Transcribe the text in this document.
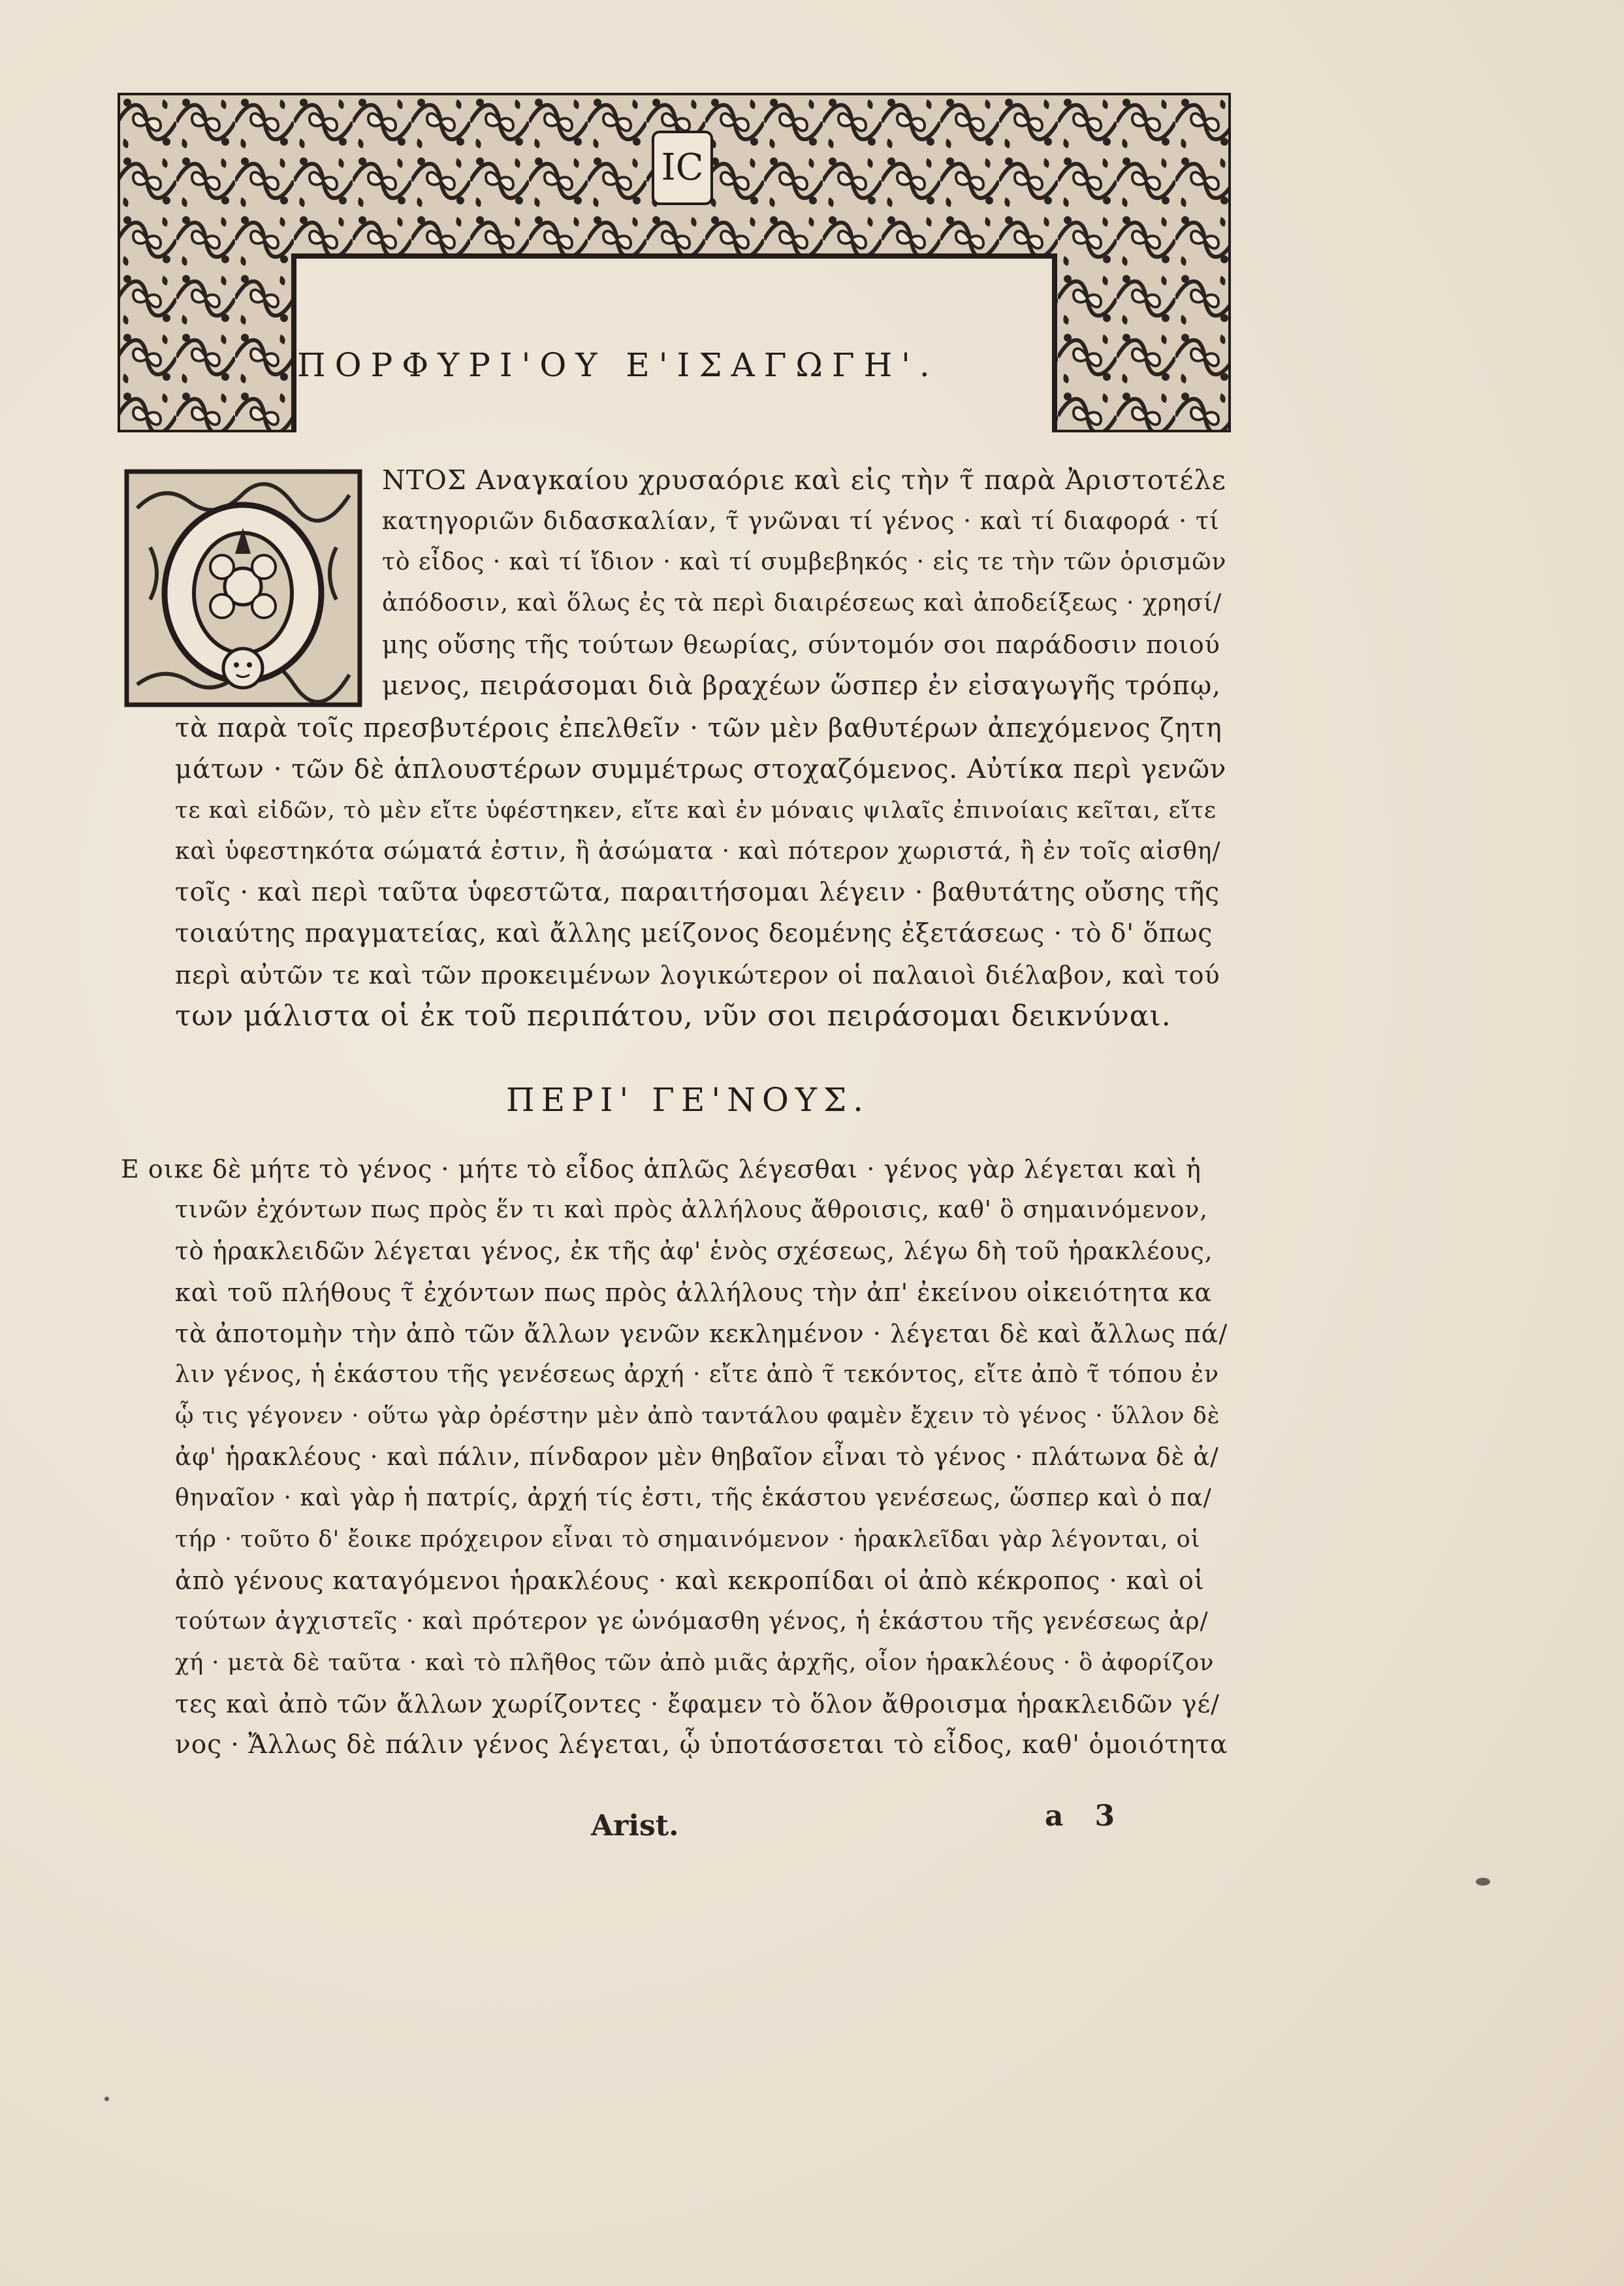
IC
ΠΟΡΦΥΡΙ'ΟΥ Ε'ΙΣΑΓΩΓΗ'.
ΝΤΟΣ Αναγκαίου χρυσαόριε καὶ εἰς τὴν τ̃ παρὰ Ἀριστοτέλε
κατηγοριῶν διδασκαλίαν, τ̃ γνῶναι τί γένος · καὶ τί διαφορά · τί
τὸ εἶδος · καὶ τί ἴδιον · καὶ τί συμβεβηκός · εἰς τε τὴν τῶν ὁρισμῶν
ἀπόδοσιν, καὶ ὅλως ἐς τὰ περὶ διαιρέσεως καὶ ἀποδείξεως · χρησί/
μης οὔσης τῆς τούτων θεωρίας, σύντομόν σοι παράδοσιν ποιού
μενος, πειράσομαι διὰ βραχέων ὥσπερ ἐν εἰσαγωγῆς τρόπῳ,
τὰ παρὰ τοῖς πρεσβυτέροις ἐπελθεῖν · τῶν μὲν βαθυτέρων ἀπεχόμενος ζητη
μάτων · τῶν δὲ ἁπλουστέρων συμμέτρως στοχαζόμενος. Αὐτίκα περὶ γενῶν
τε καὶ εἰδῶν, τὸ μὲν εἴτε ὑφέστηκεν, εἴτε καὶ ἐν μόναις ψιλαῖς ἐπινοίαις κεῖται, εἴτε
καὶ ὑφεστηκότα σώματά ἐστιν, ἢ ἀσώματα · καὶ πότερον χωριστά, ἢ ἐν τοῖς αἰσθη/
τοῖς · καὶ περὶ ταῦτα ὑφεστῶτα, παραιτήσομαι λέγειν · βαθυτάτης οὔσης τῆς
τοιαύτης πραγματείας, καὶ ἄλλης μείζονος δεομένης ἐξετάσεως · τὸ δ' ὅπως
περὶ αὐτῶν τε καὶ τῶν προκειμένων λογικώτερον οἱ παλαιοὶ διέλαβον, καὶ τού
των μάλιστα οἱ ἐκ τοῦ περιπάτου, νῦν σοι πειράσομαι δεικνύναι.
ΠΕΡΙ' ΓΕ'ΝΟΥΣ.
Ε οικε δὲ μήτε τὸ γένος · μήτε τὸ εἶδος ἁπλῶς λέγεσθαι · γένος γὰρ λέγεται καὶ ἡ
τινῶν ἐχόντων πως πρὸς ἕν τι καὶ πρὸς ἀλλήλους ἄθροισις, καθ' ὃ σημαινόμενον,
τὸ ἡρακλειδῶν λέγεται γένος, ἐκ τῆς ἀφ' ἑνὸς σχέσεως, λέγω δὴ τοῦ ἡρακλέους,
καὶ τοῦ πλήθους τ̃ ἐχόντων πως πρὸς ἀλλήλους τὴν ἀπ' ἐκείνου οἰκειότητα κα
τὰ ἀποτομὴν τὴν ἀπὸ τῶν ἄλλων γενῶν κεκλημένον · λέγεται δὲ καὶ ἄλλως πά/
λιν γένος, ἡ ἑκάστου τῆς γενέσεως ἀρχή · εἴτε ἀπὸ τ̃ τεκόντος, εἴτε ἀπὸ τ̃ τόπου ἐν
ᾧ τις γέγονεν · οὕτω γὰρ ὀρέστην μὲν ἀπὸ ταντάλου φαμὲν ἔχειν τὸ γένος · ὕλλον δὲ
ἀφ' ἡρακλέους · καὶ πάλιν, πίνδαρον μὲν θηβαῖον εἶναι τὸ γένος · πλάτωνα δὲ ἀ/
θηναῖον · καὶ γὰρ ἡ πατρίς, ἀρχή τίς ἐστι, τῆς ἑκάστου γενέσεως, ὥσπερ καὶ ὁ πα/
τήρ · τοῦτο δ' ἔοικε πρόχειρον εἶναι τὸ σημαινόμενον · ἡρακλεῖδαι γὰρ λέγονται, οἱ
ἀπὸ γένους καταγόμενοι ἡρακλέους · καὶ κεκροπίδαι οἱ ἀπὸ κέκροπος · καὶ οἱ
τούτων ἀγχιστεῖς · καὶ πρότερον γε ὠνόμασθη γένος, ἡ ἑκάστου τῆς γενέσεως ἀρ/
χή · μετὰ δὲ ταῦτα · καὶ τὸ πλῆθος τῶν ἀπὸ μιᾶς ἀρχῆς, οἷον ἡρακλέους · ὃ ἀφορίζον
τες καὶ ἀπὸ τῶν ἄλλων χωρίζοντες · ἔφαμεν τὸ ὅλον ἄθροισμα ἡρακλειδῶν γέ/
νος · Ἄλλως δὲ πάλιν γένος λέγεται, ᾧ ὑποτάσσεται τὸ εἶδος, καθ' ὁμοιότητα
Arist.	a 3
